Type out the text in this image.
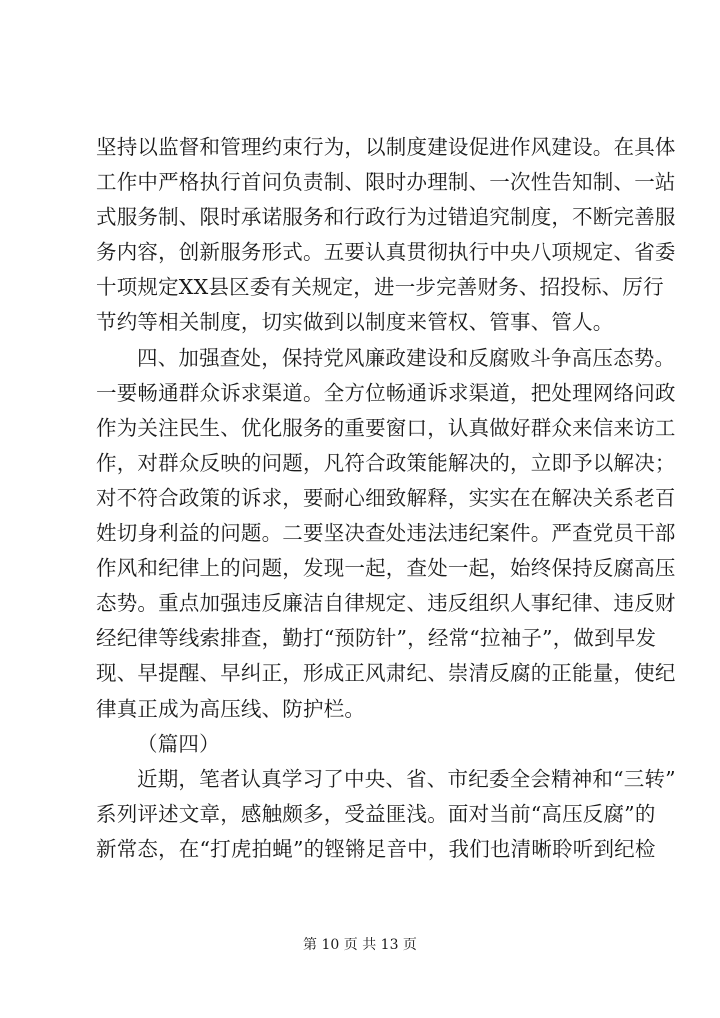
坚持以监督和管理约束行为，以制度建设促进作风建设。在具体
工作中严格执行首问负责制、限时办理制、一次性告知制、一站
式服务制、限时承诺服务和行政行为过错追究制度，不断完善服
务内容，创新服务形式。五要认真贯彻执行中央八项规定、省委
十项规定XX县区委有关规定，进一步完善财务、招投标、厉行
节约等相关制度，切实做到以制度来管权、管事、管人。
四、加强查处，保持党风廉政建设和反腐败斗争高压态势。
一要畅通群众诉求渠道。全方位畅通诉求渠道，把处理网络问政
作为关注民生、优化服务的重要窗口，认真做好群众来信来访工
作，对群众反映的问题，凡符合政策能解决的，立即予以解决；
对不符合政策的诉求，要耐心细致解释，实实在在解决关系老百
姓切身利益的问题。二要坚决查处违法违纪案件。严查党员干部
作风和纪律上的问题，发现一起，查处一起，始终保持反腐高压
态势。重点加强违反廉洁自律规定、违反组织人事纪律、违反财
经纪律等线索排查，勤打“预防针”，经常“拉袖子”，做到早发
现、早提醒、早纠正，形成正风肃纪、崇清反腐的正能量，使纪
律真正成为高压线、防护栏。
（篇四）
近期，笔者认真学习了中央、省、市纪委全会精神和“三转”
系列评述文章，感触颇多，受益匪浅。面对当前“高压反腐”的
新常态，在“打虎拍蝇”的铿锵足音中，我们也清晰聆听到纪检
第 10 页 共 13 页
